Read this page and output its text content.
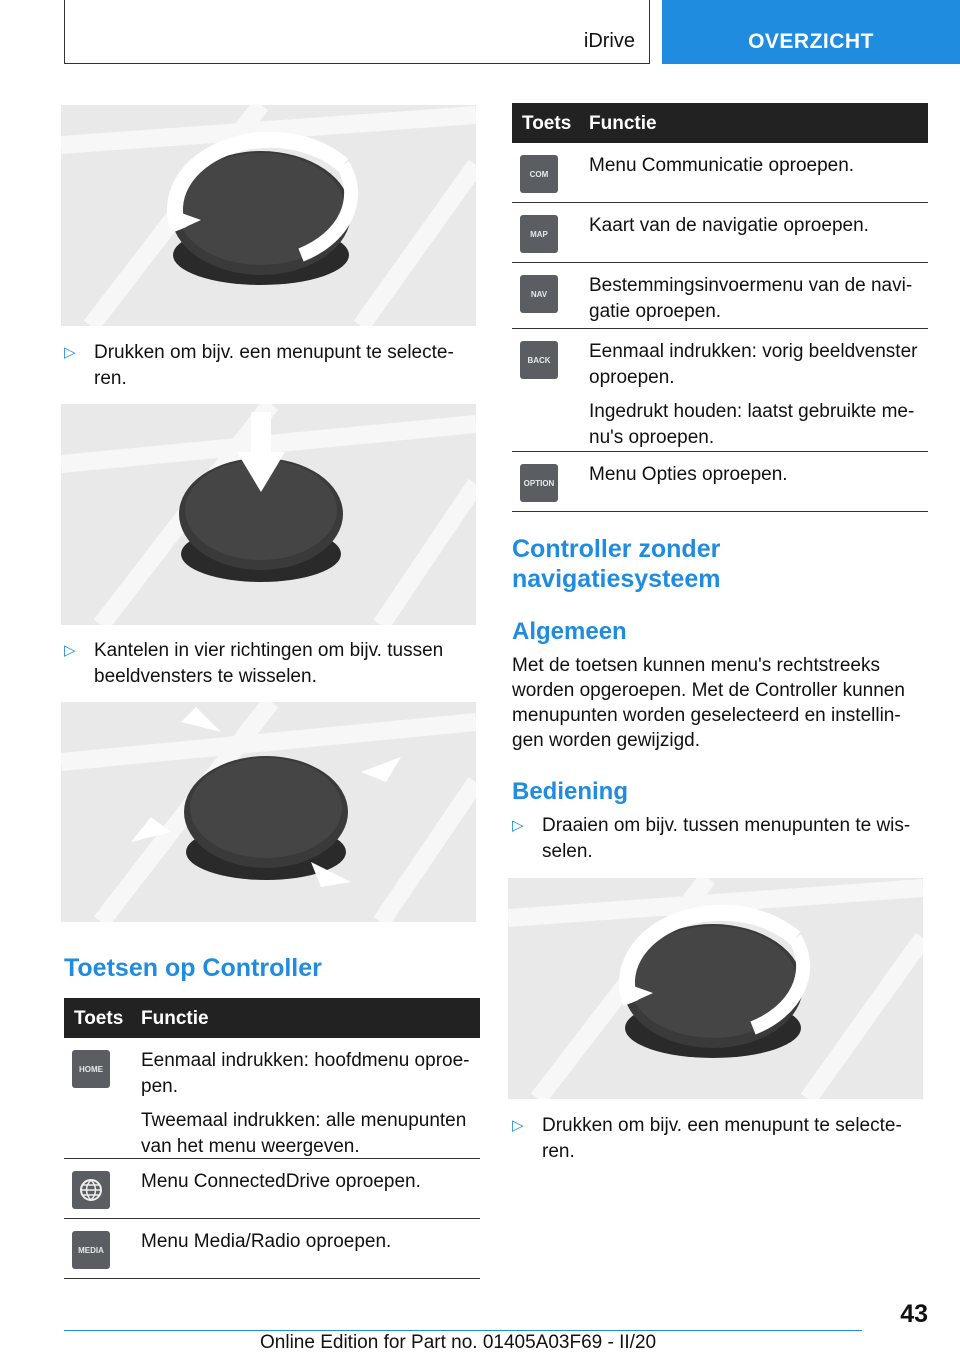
iDrive	OVERZICHT
▷ Drukken om bijv. een menupunt te selecte‐ren.
▷ Kantelen in vier richtingen om bijv. tussen beeldvensters te wisselen.
Toetsen op Controller
Toets Functie
HOME	Eenmaal indrukken: hoofdmenu oproe‐pen.

Tweemaal indrukken: alle menupunten van het menu weergeven.

Menu ConnectedDrive oproepen.

MEDIA	Menu Media/Radio oproepen.

Toets Functie
COM	Menu Communicatie oproepen.

MAP	Kaart van de navigatie oproepen.

NAV	Bestemmingsinvoermenu van de navi‐gatie oproepen.

BACK	Eenmaal indrukken: vorig beeldvenster oproepen.

Ingedrukt houden: laatst gebruikte me‐nu's oproepen.

OPTION Menu Opties oproepen.

Controller zonder navigatiesysteem
Algemeen
Met de toetsen kunnen menu's rechtstreeks worden opgeroepen. Met de Controller kunnen menupunten worden geselecteerd en instellin‐gen worden gewijzigd.
Bediening
▷ Draaien om bijv. tussen menupunten te wis‐selen.
▷ Drukken om bijv. een menupunt te selecte‐ren.
43
Online Edition for Part no. 01405A03F69 - II/20
